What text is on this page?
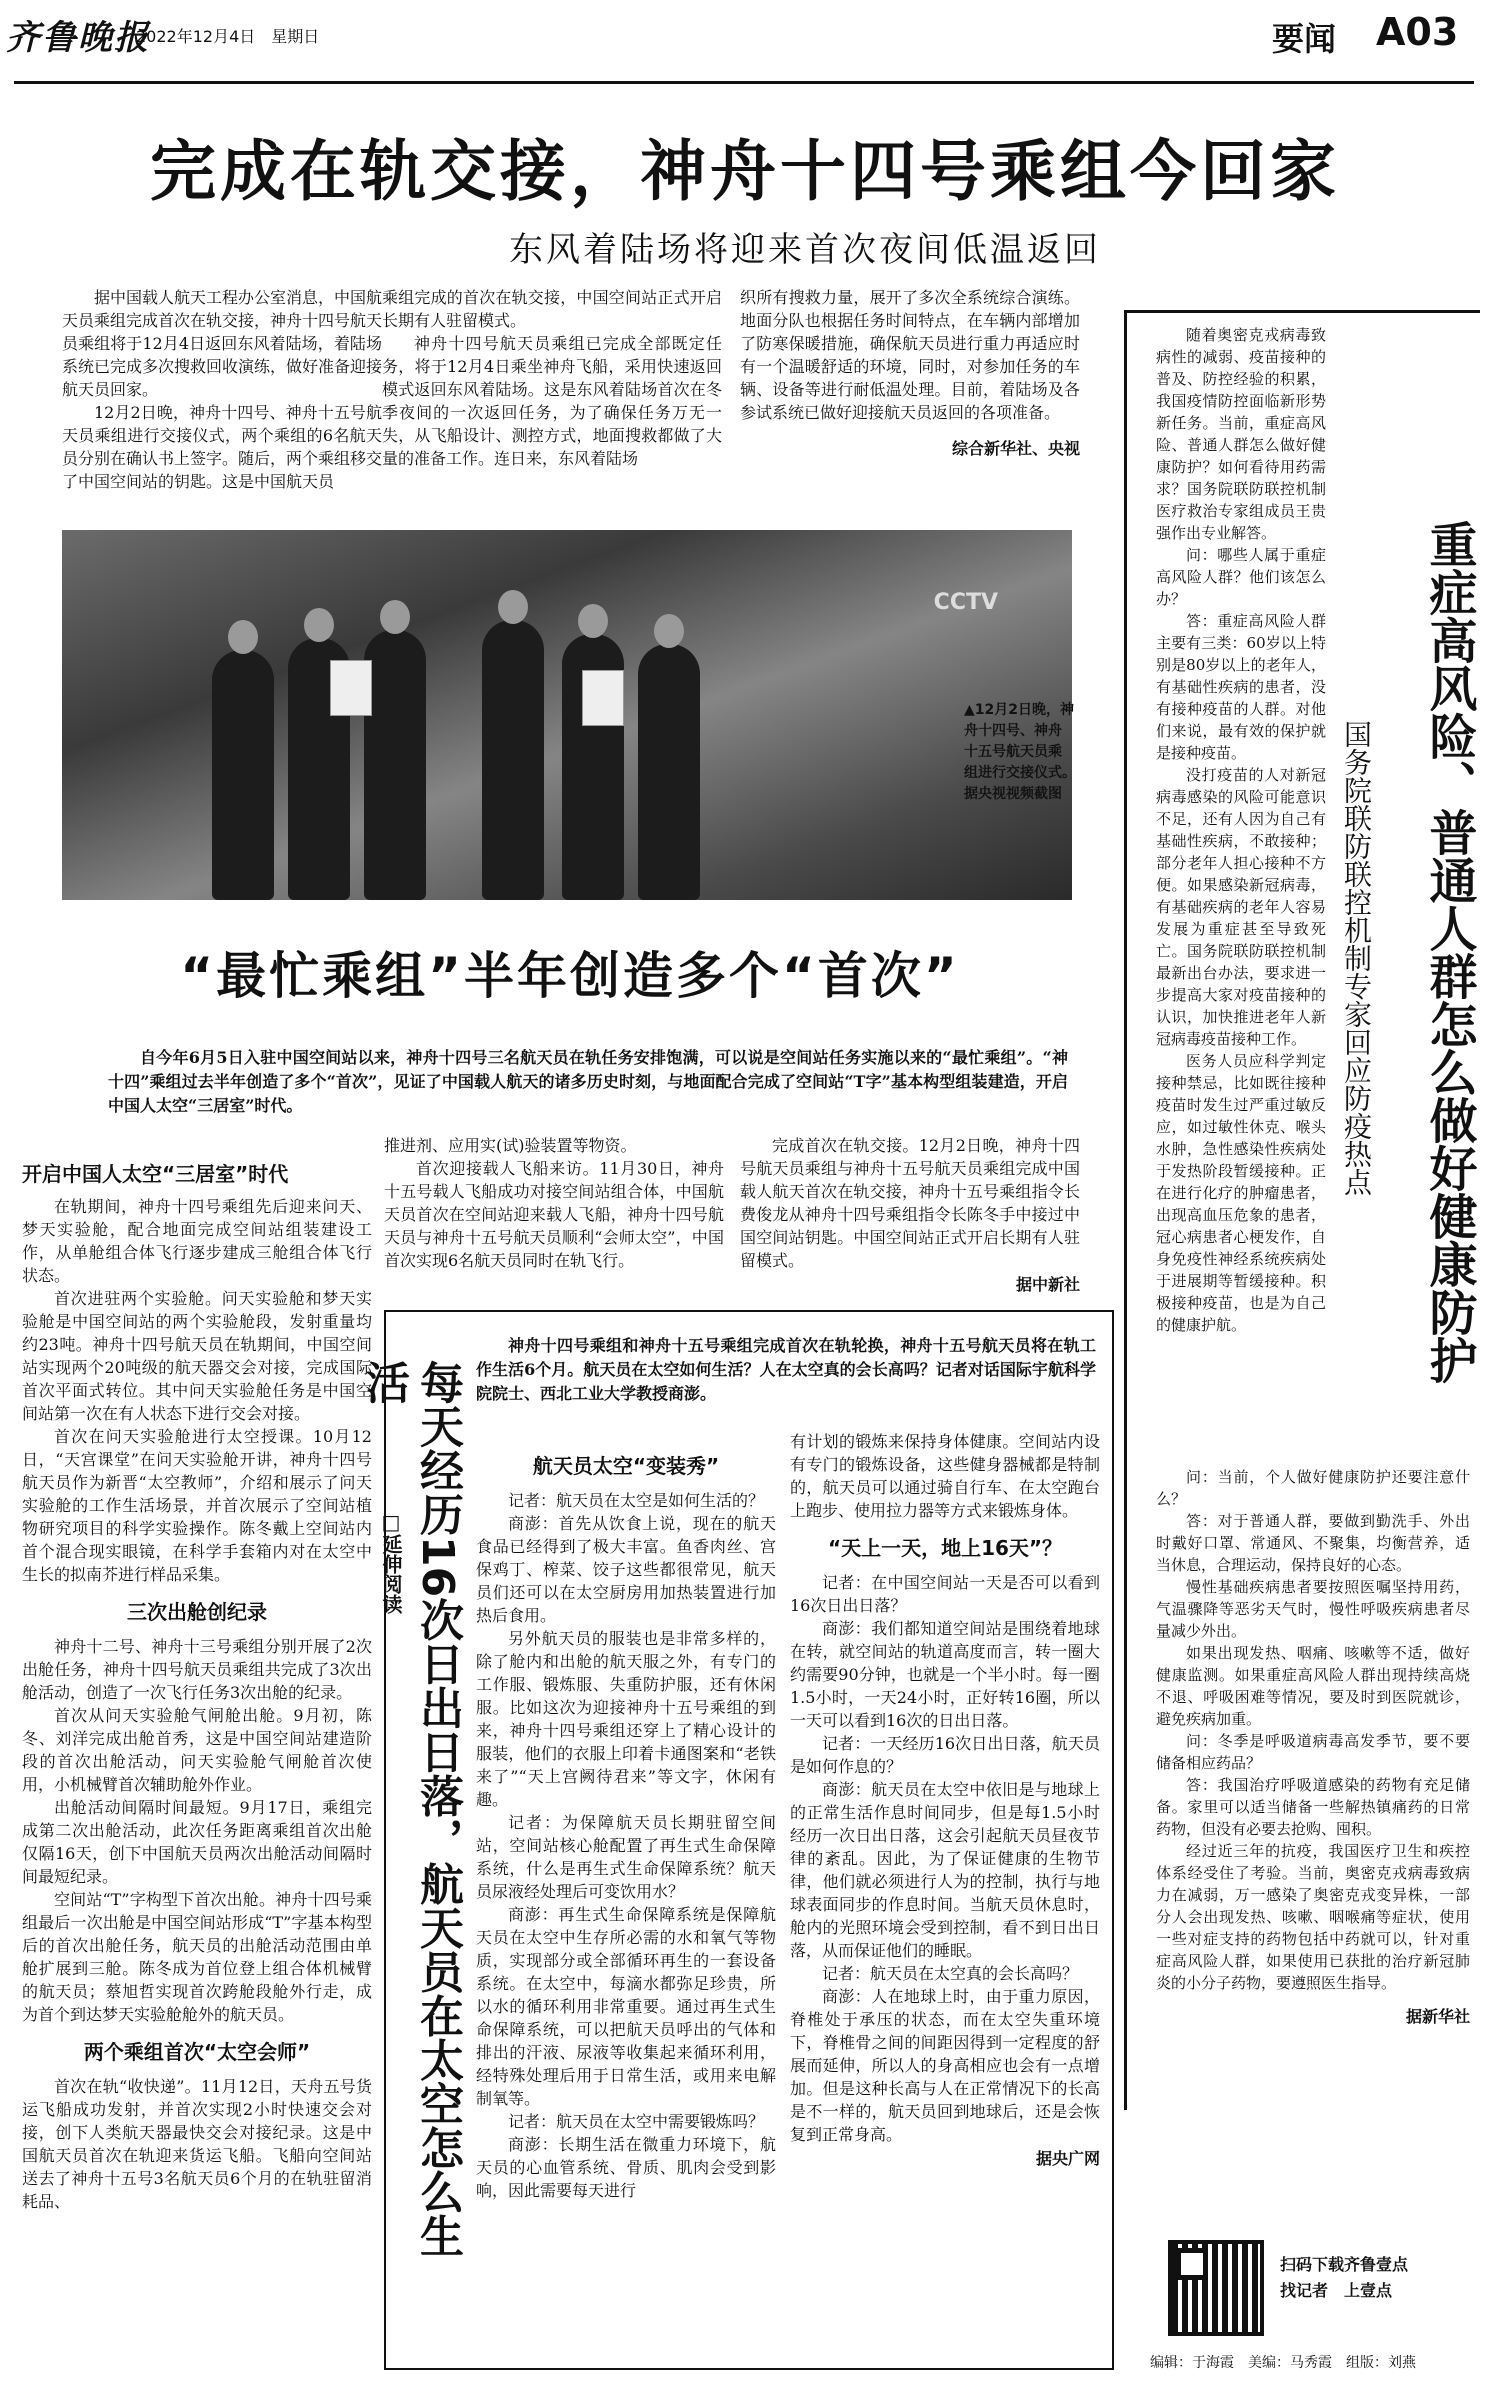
齐鲁晚报
2022年12月4日　星期日	要闻 A03
完成在轨交接，神舟十四号乘组今回家
东风着陆场将迎来首次夜间低温返回

据中国载人航天工程办公室消息，中国航天员乘组完成首次在轨交接，神舟十四号航天员乘组将于12月4日返回东风着陆场，着陆场系统已完成多次搜救回收演练，做好准备迎接航天员回家。

12月2日晚，神舟十四号、神舟十五号航天员乘组进行交接仪式，两个乘组的6名航天员分别在确认书上签字。随后，两个乘组移交了中国空间站的钥匙。这是中国航天员

乘组完成的首次在轨交接，中国空间站正式开启长期有人驻留模式。

神舟十四号航天员乘组已完成全部既定任务，将于12月4日乘坐神舟飞船，采用快速返回模式返回东风着陆场。这是东风着陆场首次在冬季夜间的一次返回任务，为了确保任务万无一失，从飞船设计、测控方式，地面搜救都做了大量的准备工作。连日来，东风着陆场

织所有搜救力量，展开了多次全系统综合演练。地面分队也根据任务时间特点，在车辆内部增加了防寒保暖措施，确保航天员进行重力再适应时有一个温暖舒适的环境，同时，对参加任务的车辆、设备等进行耐低温处理。目前，着陆场及各参试系统已做好迎接航天员返回的各项准备。

综合新华社、央视

CCTV
▲12月2日晚，神舟十四号、神舟十五号航天员乘组进行交接仪式。　据央视视频截图
“最忙乘组”半年创造多个“首次”
自今年6月5日入驻中国空间站以来，神舟十四号三名航天员在轨任务安排饱满，可以说是空间站任务实施以来的“最忙乘组”。“神十四”乘组过去半年创造了多个“首次”，见证了中国载人航天的诸多历史时刻，与地面配合完成了空间站“T字”基本构型组装建造，开启中国人太空“三居室”时代。
开启中国人太空“三居室”时代

在轨期间，神舟十四号乘组先后迎来问天、梦天实验舱，配合地面完成空间站组装建设工作，从单舱组合体飞行逐步建成三舱组合体飞行状态。

首次进驻两个实验舱。问天实验舱和梦天实验舱是中国空间站的两个实验舱段，发射重量均约23吨。神舟十四号航天员在轨期间，中国空间站实现两个20吨级的航天器交会对接，完成国际首次平面式转位。其中问天实验舱任务是中国空间站第一次在有人状态下进行交会对接。

首次在问天实验舱进行太空授课。10月12日，“天宫课堂”在问天实验舱开讲，神舟十四号航天员作为新晋“太空教师”，介绍和展示了问天实验舱的工作生活场景，并首次展示了空间站植物研究项目的科学实验操作。陈冬戴上空间站内首个混合现实眼镜，在科学手套箱内对在太空中生长的拟南芥进行样品采集。

三次出舱创纪录

神舟十二号、神舟十三号乘组分别开展了2次出舱任务，神舟十四号航天员乘组共完成了3次出舱活动，创造了一次飞行任务3次出舱的纪录。

首次从问天实验舱气闸舱出舱。9月初，陈冬、刘洋完成出舱首秀，这是中国空间站建造阶段的首次出舱活动，问天实验舱气闸舱首次使用，小机械臂首次辅助舱外作业。

出舱活动间隔时间最短。9月17日，乘组完成第二次出舱活动，此次任务距离乘组首次出舱仅隔16天，创下中国航天员两次出舱活动间隔时间最短纪录。

空间站“T”字构型下首次出舱。神舟十四号乘组最后一次出舱是中国空间站形成“T”字基本构型后的首次出舱任务，航天员的出舱活动范围由单舱扩展到三舱。陈冬成为首位登上组合体机械臂的航天员；蔡旭哲实现首次跨舱段舱外行走，成为首个到达梦天实验舱舱外的航天员。

两个乘组首次“太空会师”

首次在轨“收快递”。11月12日，天舟五号货运飞船成功发射，并首次实现2小时快速交会对接，创下人类航天器最快交会对接纪录。这是中国航天员首次在轨迎来货运飞船。飞船向空间站送去了神舟十五号3名航天员6个月的在轨驻留消耗品、

推进剂、应用实(试)验装置等物资。

首次迎接载人飞船来访。11月30日，神舟十五号载人飞船成功对接空间站组合体，中国航天员首次在空间站迎来载人飞船，神舟十四号航天员与神舟十五号航天员顺利“会师太空”，中国首次实现6名航天员同时在轨飞行。

完成首次在轨交接。12月2日晚，神舟十四号航天员乘组与神舟十五号航天员乘组完成中国载人航天首次在轨交接，神舟十五号乘组指令长费俊龙从神舟十四号乘组指令长陈冬手中接过中国空间站钥匙。中国空间站正式开启长期有人驻留模式。

据中新社

神舟十四号乘组和神舟十五号乘组完成首次在轨轮换，神舟十五号航天员将在轨工作生活6个月。航天员在太空如何生活？人在太空真的会长高吗？记者对话国际宇航科学院院士、西北工业大学教授商澎。
每天经历16次日出日落，航天员在太空怎么生活
□延伸阅读
航天员太空“变装秀”

记者：航天员在太空是如何生活的？

商澎：首先从饮食上说，现在的航天食品已经得到了极大丰富。鱼香肉丝、宫保鸡丁、榨菜、饺子这些都很常见，航天员们还可以在太空厨房用加热装置进行加热后食用。

另外航天员的服装也是非常多样的，除了舱内和出舱的航天服之外，有专门的工作服、锻炼服、失重防护服，还有休闲服。比如这次为迎接神舟十五号乘组的到来，神舟十四号乘组还穿上了精心设计的服装，他们的衣服上印着卡通图案和“老铁来了”“天上宫阙待君来”等文字，休闲有趣。

记者：为保障航天员长期驻留空间站，空间站核心舱配置了再生式生命保障系统，什么是再生式生命保障系统？航天员尿液经处理后可变饮用水？

商澎：再生式生命保障系统是保障航天员在太空中生存所必需的水和氧气等物质，实现部分或全部循环再生的一套设备系统。在太空中，每滴水都弥足珍贵，所以水的循环利用非常重要。通过再生式生命保障系统，可以把航天员呼出的气体和排出的汗液、尿液等收集起来循环利用，经特殊处理后用于日常生活，或用来电解制氧等。

记者：航天员在太空中需要锻炼吗？

商澎：长期生活在微重力环境下，航天员的心血管系统、骨质、肌肉会受到影响，因此需要每天进行

有计划的锻炼来保持身体健康。空间站内设有专门的锻炼设备，这些健身器械都是特制的，航天员可以通过骑自行车、在太空跑台上跑步、使用拉力器等方式来锻炼身体。

“天上一天，地上16天”？

记者：在中国空间站一天是否可以看到16次日出日落？

商澎：我们都知道空间站是围绕着地球在转，就空间站的轨道高度而言，转一圈大约需要90分钟，也就是一个半小时。每一圈1.5小时，一天24小时，正好转16圈，所以一天可以看到16次的日出日落。

记者：一天经历16次日出日落，航天员是如何作息的？

商澎：航天员在太空中依旧是与地球上的正常生活作息时间同步，但是每1.5小时经历一次日出日落，这会引起航天员昼夜节律的紊乱。因此，为了保证健康的生物节律，他们就必须进行人为的控制，执行与地球表面同步的作息时间。当航天员休息时，舱内的光照环境会受到控制，看不到日出日落，从而保证他们的睡眠。

记者：航天员在太空真的会长高吗？

商澎：人在地球上时，由于重力原因，脊椎处于承压的状态，而在太空失重环境下，脊椎骨之间的间距因得到一定程度的舒展而延伸，所以人的身高相应也会有一点增加。但是这种长高与人在正常情况下的长高是不一样的，航天员回到地球后，还是会恢复到正常身高。

据央广网

重症高风险、普通人群怎么做好健康防护
国务院联防联控机制专家回应防疫热点

随着奥密克戎病毒致病性的减弱、疫苗接种的普及、防控经验的积累，我国疫情防控面临新形势新任务。当前，重症高风险、普通人群怎么做好健康防护？如何看待用药需求？国务院联防联控机制医疗救治专家组成员王贵强作出专业解答。

问：哪些人属于重症高风险人群？他们该怎么办？

答：重症高风险人群主要有三类：60岁以上特别是80岁以上的老年人，有基础性疾病的患者，没有接种疫苗的人群。对他们来说，最有效的保护就是接种疫苗。

没打疫苗的人对新冠病毒感染的风险可能意识不足，还有人因为自己有基础性疾病，不敢接种；部分老年人担心接种不方便。如果感染新冠病毒，有基础疾病的老年人容易发展为重症甚至导致死亡。国务院联防联控机制最新出台办法，要求进一步提高大家对疫苗接种的认识，加快推进老年人新冠病毒疫苗接种工作。

医务人员应科学判定接种禁忌，比如既往接种疫苗时发生过严重过敏反应，如过敏性休克、喉头水肿，急性感染性疾病处于发热阶段暂缓接种。正在进行化疗的肿瘤患者，出现高血压危象的患者，冠心病患者心梗发作，自身免疫性神经系统疾病处于进展期等暂缓接种。积极接种疫苗，也是为自己的健康护航。

问：当前，个人做好健康防护还要注意什么？

答：对于普通人群，要做到勤洗手、外出时戴好口罩、常通风、不聚集，均衡营养，适当休息，合理运动，保持良好的心态。

慢性基础疾病患者要按照医嘱坚持用药，气温骤降等恶劣天气时，慢性呼吸疾病患者尽量减少外出。

如果出现发热、咽痛、咳嗽等不适，做好健康监测。如果重症高风险人群出现持续高烧不退、呼吸困难等情况，要及时到医院就诊，避免疾病加重。

问：冬季是呼吸道病毒高发季节，要不要储备相应药品？

答：我国治疗呼吸道感染的药物有充足储备。家里可以适当储备一些解热镇痛药的日常药物，但没有必要去抢购、囤积。

经过近三年的抗疫，我国医疗卫生和疾控体系经受住了考验。当前，奥密克戎病毒致病力在减弱，万一感染了奥密克戎变异株，一部分人会出现发热、咳嗽、咽喉痛等症状，使用一些对症支持的药物包括中药就可以，针对重症高风险人群，如果使用已获批的治疗新冠肺炎的小分子药物，要遵照医生指导。

据新华社

扫码下载齐鲁壹点
找记者　上壹点
编辑：于海霞　美编：马秀霞　组版：刘燕
